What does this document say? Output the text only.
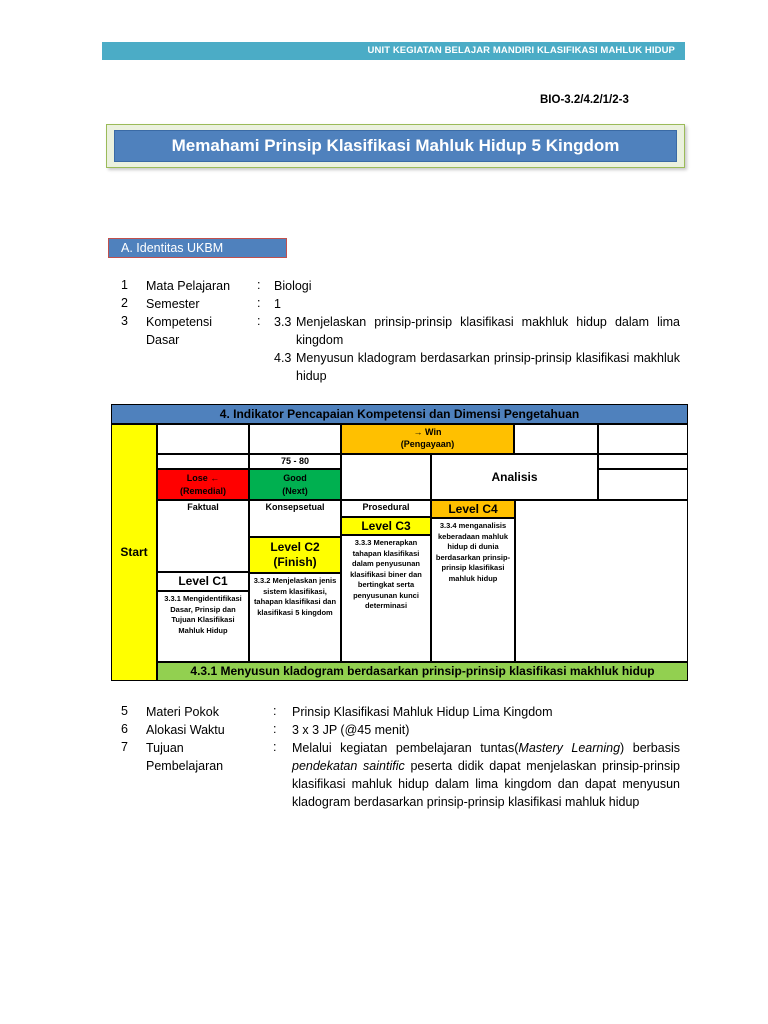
UNIT KEGIATAN BELAJAR MANDIRI KLASIFIKASI MAHLUK HIDUP
BIO-3.2/4.2/1/2-3
Memahami Prinsip Klasifikasi Mahluk Hidup 5 Kingdom
A. Identitas UKBM
1 Mata Pelajaran : Biologi
2 Semester	: 1
3 Kompetensi Dasar
: 3.3 Menjelaskan prinsip-prinsip klasifikasi makhluk hidup dalam lima kingdom
4.3 Menyusun kladogram berdasarkan prinsip-prinsip klasifikasi makhluk hidup
4. Indikator Pencapaian Kompetensi dan Dimensi Pengetahuan
Start
→ Win
(Pengayaan)
75 - 80
Analisis
Lose ←
(Remedial)
Good
(Next)
Faktual	Konsepsetual	Prosedural	Level C4
Level C3	3.3.4 menganalisis keberadaan mahluk hidup di dunia berdasarkan prinsip-prinsip klasifikasi mahluk hidup
Level C2
(Finish)
3.3.3 Menerapkan tahapan klasifikasi dalam penyusunan klasifikasi biner dan bertingkat serta penyusunan kunci determinasi
Level C1	3.3.2 Menjelaskan jenis sistem klasifikasi, tahapan klasifikasi dan klasifikasi 5 kingdom
3.3.1 Mengidentifikasi Dasar, Prinsip dan Tujuan Klasifikasi Mahluk Hidup
4.3.1 Menyusun kladogram berdasarkan prinsip-prinsip klasifikasi makhluk hidup
5 Materi Pokok	: Prinsip Klasifikasi Mahluk Hidup Lima Kingdom
6 Alokasi Waktu	: 3 x 3 JP (@45 menit)
7 Tujuan Pembelajaran
: Melalui kegiatan pembelajaran tuntas(Mastery Learning) berbasis pendekatan saintific peserta didik dapat menjelaskan prinsip-prinsip klasifikasi mahluk hidup dalam lima kingdom dan dapat menyusun kladogram berdasarkan prinsip-prinsip klasifikasi mahluk hidup
